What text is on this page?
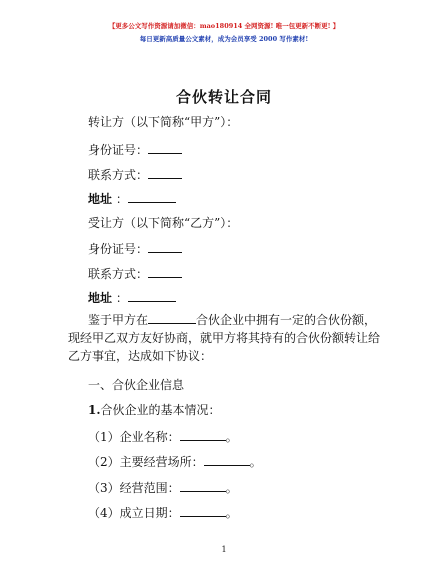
【更多公文写作资源请加微信：mao180914 全网资源! 唯一包更新不断更! 】
每日更新高质量公文素材，成为会员享受 2000 写作素材!
合伙转让合同
转让方（以下简称“甲方”）：
身份证号：
联系方式：
地址 ：
受让方（以下简称“乙方”）：
身份证号：
联系方式：
地址 ：
鉴于甲方在	合伙企业中拥有一定的合伙份额，现经甲乙双方友好协商，就甲方将其持有的合伙份额转让给乙方事宜，达成如下协议：
一、合伙企业信息
1.合伙企业的基本情况：
（1）企业名称：	。
（2）主要经营场所：	。
（3）经营范围：	。
（4）成立日期：	。
1
